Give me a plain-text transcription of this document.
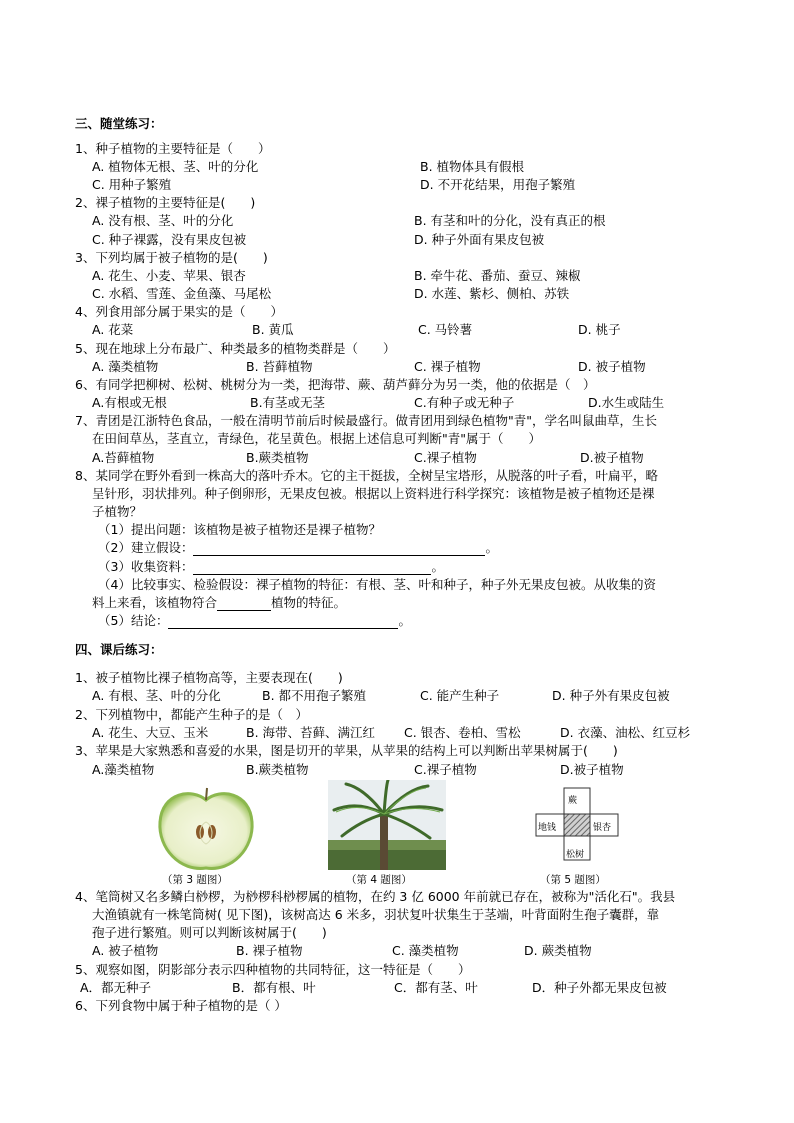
三、随堂练习：
1、种子植物的主要特征是（　　）
A. 植物体无根、茎、叶的分化	B. 植物体具有假根
C. 用种子繁殖	D. 不开花结果，用孢子繁殖
2、裸子植物的主要特征是(　　)
A. 没有根、茎、叶的分化	B. 有茎和叶的分化，没有真正的根
C. 种子裸露，没有果皮包被	D. 种子外面有果皮包被
3、下列均属于被子植物的是(　　)
A. 花生、小麦、苹果、银杏	B. 牵牛花、番茄、蚕豆、辣椒
C. 水稻、雪莲、金鱼藻、马尾松	D. 水莲、紫杉、侧柏、苏铁
4、列食用部分属于果实的是（　　）
A. 花菜	B. 黄瓜	C. 马铃薯	D. 桃子
5、现在地球上分布最广、种类最多的植物类群是（　　）
A. 藻类植物	B. 苔藓植物	C. 裸子植物	D. 被子植物
6、有同学把柳树、松树、桃树分为一类，把海带、蕨、葫芦藓分为另一类，他的依据是（　）
A.有根或无根	B.有茎或无茎	C.有种子或无种子	D.水生或陆生
7、青团是江浙特色食品，一般在清明节前后时候最盛行。做青团用到绿色植物"青"，学名叫鼠曲草，生长
在田间草丛，茎直立，青绿色，花呈黄色。根据上述信息可判断"青"属于（　　）
A.苔藓植物	B.蕨类植物	C.裸子植物	D.被子植物
8、某同学在野外看到一株高大的落叶乔木。它的主干挺拔，全树呈宝塔形，从脱落的叶子看，叶扁平，略
呈针形，羽状排列。种子倒卵形，无果皮包被。根据以上资料进行科学探究：该植物是被子植物还是裸
子植物？
（1）提出问题：该植物是被子植物还是裸子植物？
（2）建立假设：	。
（3）收集资料：	。
（4）比较事实、检验假设：裸子植物的特征：有根、茎、叶和种子，种子外无果皮包被。从收集的资
料上来看，该植物符合	植物的特征。
（5）结论：	。
四、课后练习：
1、被子植物比裸子植物高等，主要表现在(　　)
A. 有根、茎、叶的分化	B. 都不用孢子繁殖	C. 能产生种子	D. 种子外有果皮包被
2、下列植物中，都能产生种子的是（　）
A. 花生、大豆、玉米	B. 海带、苔藓、满江红 C. 银杏、卷柏、雪松	D. 衣藻、油松、红豆杉
3、苹果是大家熟悉和喜爱的水果，图是切开的苹果，从苹果的结构上可以判断出苹果树属于(　　)
A.藻类植物	B.蕨类植物	C.裸子植物	D.被子植物
（第 3 题图）	（第 4 题图）
蕨
地钱	银杏
松树
（第 5 题图）
4、笔筒树又名多鳞白桫椤，为桫椤科桫椤属的植物，在约 3 亿 6000 年前就已存在，被称为"活化石"。我县
大渔镇就有一株笔筒树( 见下图)，该树高达 6 米多，羽状复叶状集生于茎端，叶背面附生孢子囊群，靠
孢子进行繁殖。则可以判断该树属于(　　)
A. 被子植物	B. 裸子植物	C. 藻类植物	D. 蕨类植物
5、观察如图，阴影部分表示四种植物的共同特征，这一特征是（　　）
A．都无种子	B．都有根、叶	C．都有茎、叶	D．种子外都无果皮包被
6、下列食物中属于种子植物的是（ ）
